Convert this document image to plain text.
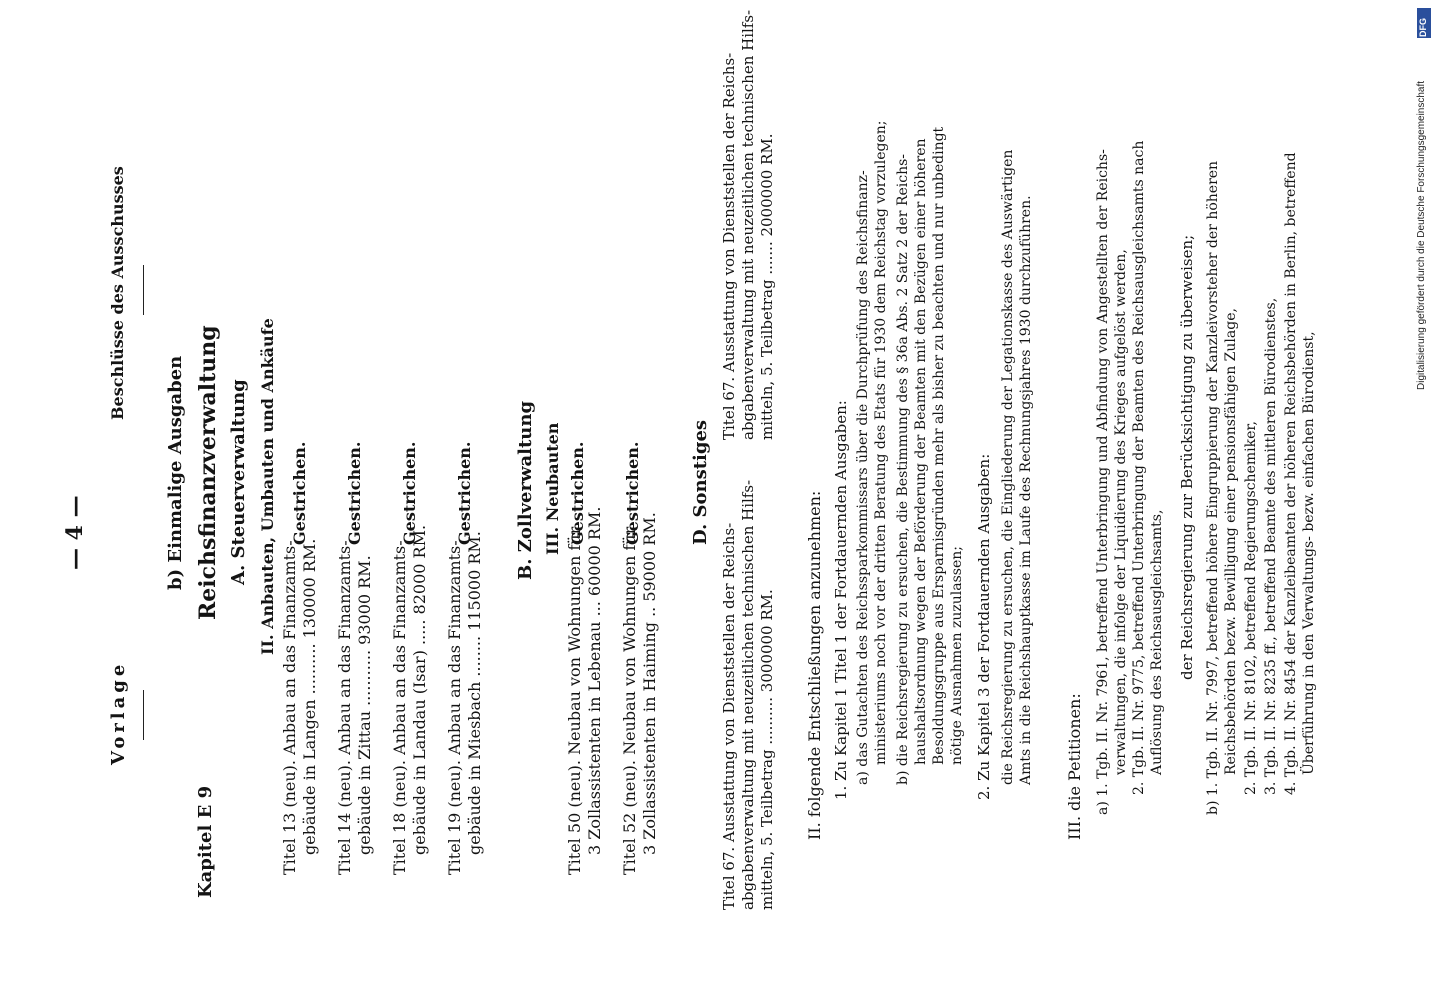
— 4 —
Vorlage
Beschlüsse des Ausschusses
Kapitel E 9
b) Einmalige Ausgaben Reichsfinanzverwaltung A. Steuerverwaltung II. Anbauten, Umbauten und Ankäufe
Titel 13 (neu). Anbau an das Finanzamts- gebäude in Langen .......... 130000 RM.
Gestrichen.
Titel 14 (neu). Anbau an das Finanzamts- gebäude in Zittau ........... 93000 RM.
Gestrichen.
Titel 18 (neu). Anbau an das Finanzamts- gebäude in Landau (Isar) ..... 82000 RM.
Gestrichen.
Titel 19 (neu). Anbau an das Finanzamts- gebäude in Miesbach ........ 115000 RM.
Gestrichen. B. Zollverwaltung III. Neubauten
Titel 50 (neu). Neubau von Wohnungen für 3 Zollassistenten in Lebenau ... 60000 RM.
Gestrichen.
Titel 52 (neu). Neubau von Wohnungen für 3 Zollassistenten in Haiming .. 59000 RM.
Gestrichen.	D. Sonstiges
Titel 67. Ausstattung von Dienststellen der Reichs- abgabenverwaltung mit neuzeitlichen technischen Hilfs- mitteln, 5. Teilbetrag .......... 3000000 RM.
Titel 67. Ausstattung von Dienststellen der Reichs- abgabenverwaltung mit neuzeitlichen technischen Hilfs- mitteln, 5. Teilbetrag ....... 2000000 RM.
II. folgende Entschließungen anzunehmen: 1. Zu Kapitel 1 Titel 1 der Fortdauernden Ausgaben: a) das Gutachten des Reichssparkommissars über die Durchprüfung des Reichsfinanz- ministeriums noch vor der dritten Beratung des Etats für 1930 dem Reichstag vorzulegen; b) die Reichsregierung zu ersuchen, die Bestimmung des § 36a Abs. 2 Satz 2 der Reichs- haushaltsordnung wegen der Beförderung der Beamten mit den Bezügen einer höheren Besoldungsgruppe aus Ersparnisgründen mehr als bisher zu beachten und nur unbedingt nötige Ausnahmen zuzulassen; 2. Zu Kapitel 3 der Fortdauernden Ausgaben: die Reichsregierung zu ersuchen, die Eingliederung der Legationskasse des Auswärtigen Amts in die Reichshauptkasse im Laufe des Rechnungsjahres 1930 durchzuführen. III. die Petitionen: a) 1. Tgb. II. Nr. 7961, betreffend Unterbringung und Abfindung von Angestellten der Reichs- verwaltungen, die infolge der Liquidierung des Krieges aufgelöst werden, 2. Tgb. II. Nr. 9775, betreffend Unterbringung der Beamten des Reichsausgleichsamts nach Auflösung des Reichsausgleichsamts, der Reichsregierung zur Berücksichtigung zu überweisen; b) 1. Tgb. II. Nr. 7997, betreffend höhere Eingruppierung der Kanzleivorsteher der höheren Reichsbehörden bezw. Bewilligung einer pensionsfähigen Zulage, 2. Tgb. II. Nr. 8102, betreffend Regierungschemiker, 3. Tgb. II. Nr. 8235 ff., betreffend Beamte des mittleren Bürodienstes, 4. Tgb. II. Nr. 8454 der Kanzleibeamten der höheren Reichsbehörden in Berlin, betreffend Überführung in den Verwaltungs- bezw. einfachen Bürodienst,
DFG
Digitalisierung gefördert durch die Deutsche Forschungsgemeinschaft
